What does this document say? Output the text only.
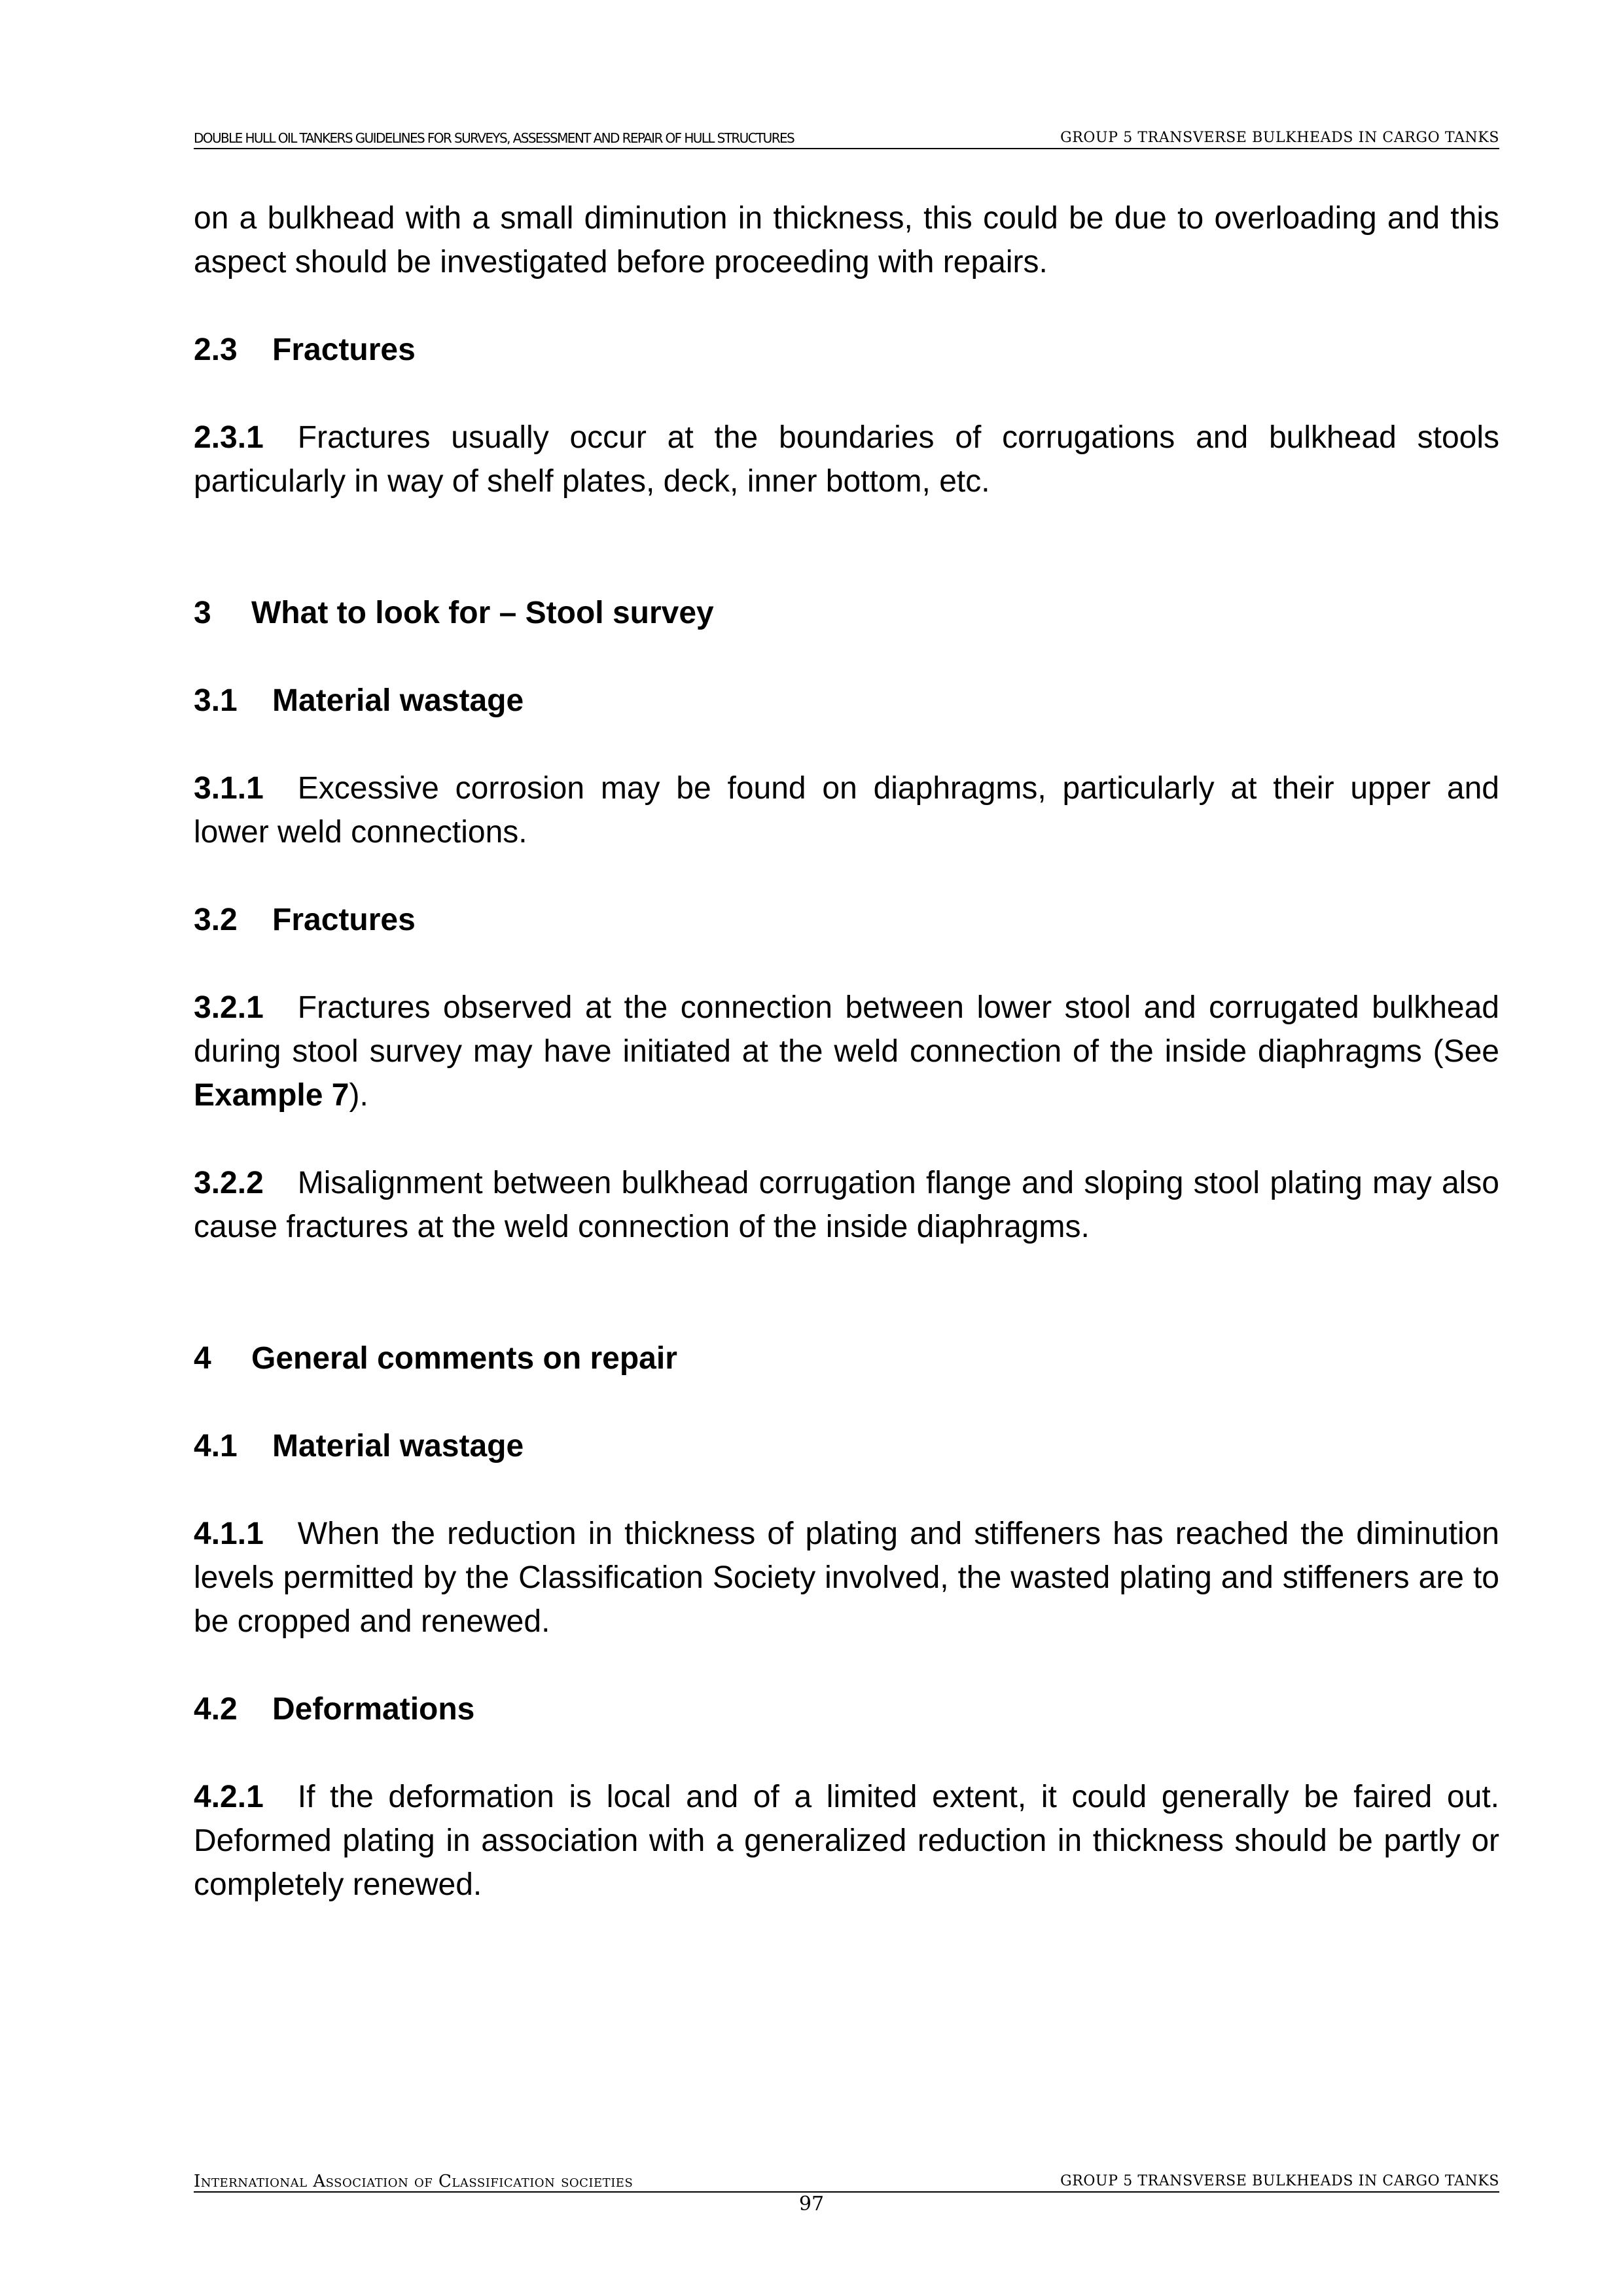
DOUBLE HULL OIL TANKERS GUIDELINES FOR SURVEYS, ASSESSMENT AND REPAIR OF HULL STRUCTURES	GROUP 5 TRANSVERSE BULKHEADS IN CARGO TANKS

on a bulkhead with a small diminution in thickness, this could be due to overloading and this aspect should be investigated before proceeding with repairs.

2.3 Fractures

2.3.1 Fractures usually occur at the boundaries of corrugations and bulkhead stools particularly in way of shelf plates, deck, inner bottom, etc.

3 What to look for – Stool survey

3.1 Material wastage

3.1.1 Excessive corrosion may be found on diaphragms, particularly at their upper and lower weld connections.

3.2 Fractures

3.2.1 Fractures observed at the connection between lower stool and corrugated bulkhead during stool survey may have initiated at the weld connection of the inside diaphragms (See Example 7).

3.2.2 Misalignment between bulkhead corrugation flange and sloping stool plating may also cause fractures at the weld connection of the inside diaphragms.

4 General comments on repair

4.1 Material wastage

4.1.1 When the reduction in thickness of plating and stiffeners has reached the diminution levels permitted by the Classification Society involved, the wasted plating and stiffeners are to be cropped and renewed.

4.2 Deformations

4.2.1 If the deformation is local and of a limited extent, it could generally be faired out. Deformed plating in association with a generalized reduction in thickness should be partly or completely renewed.

International Association of Classification societies	GROUP 5 TRANSVERSE BULKHEADS IN CARGO TANKS
97
